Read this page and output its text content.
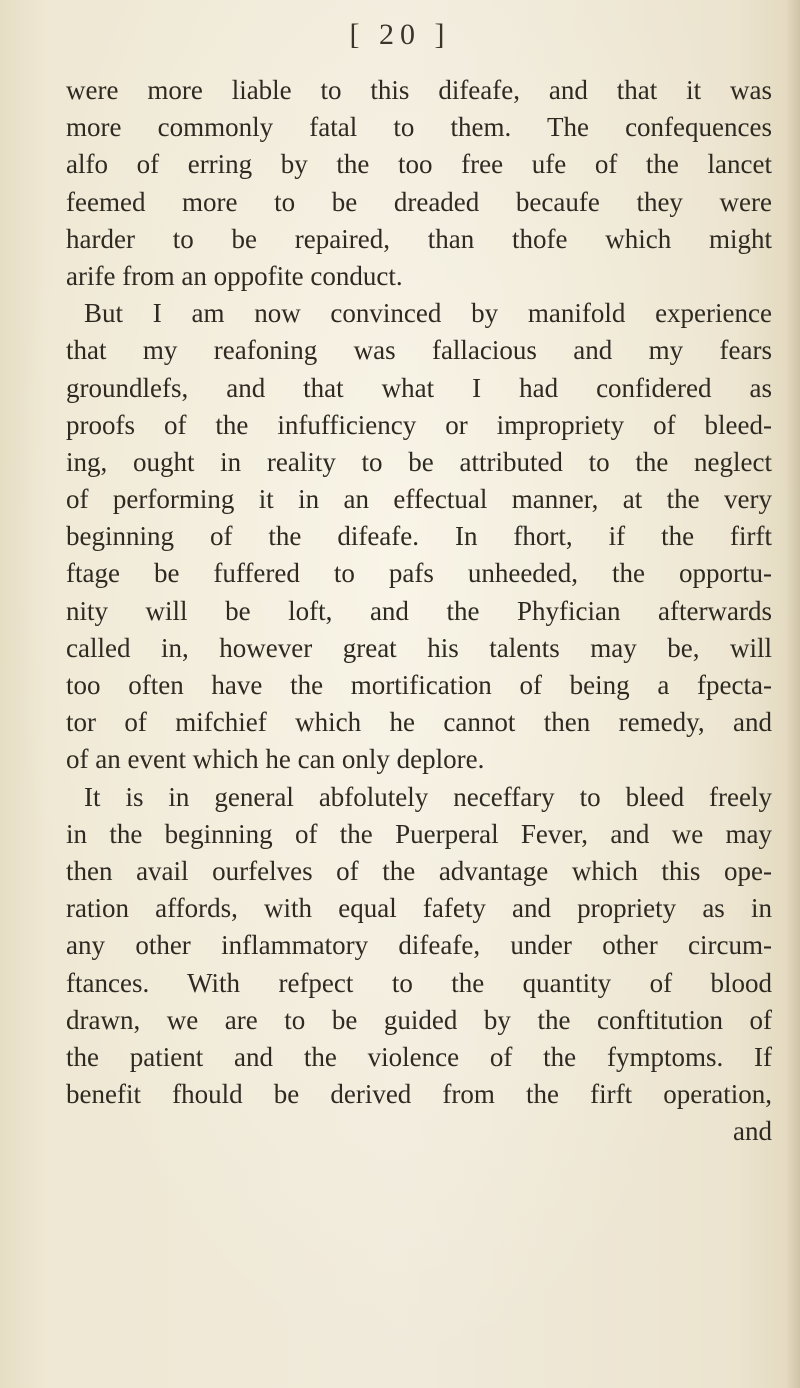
[ 20 ]
were more liable to this difeafe, and that it was
more commonly fatal to them. The confequences
alfo of erring by the too free ufe of the lancet
feemed more to be dreaded becaufe they were
harder to be repaired, than thofe which might
arife from an oppofite conduct.
But I am now convinced by manifold experience
that my reafoning was fallacious and my fears
groundlefs, and that what I had confidered as
proofs of the infufficiency or impropriety of bleed-
ing, ought in reality to be attributed to the neglect
of performing it in an effectual manner, at the very
beginning of the difeafe. In fhort, if the firft
ftage be fuffered to pafs unheeded, the opportu-
nity will be loft, and the Phyfician afterwards
called in, however great his talents may be, will
too often have the mortification of being a fpecta-
tor of mifchief which he cannot then remedy, and
of an event which he can only deplore.
It is in general abfolutely neceffary to bleed freely
in the beginning of the Puerperal Fever, and we may
then avail ourfelves of the advantage which this ope-
ration affords, with equal fafety and propriety as in
any other inflammatory difeafe, under other circum-
ftances. With refpect to the quantity of blood
drawn, we are to be guided by the conftitution of
the patient and the violence of the fymptoms. If
benefit fhould be derived from the firft operation,
and
